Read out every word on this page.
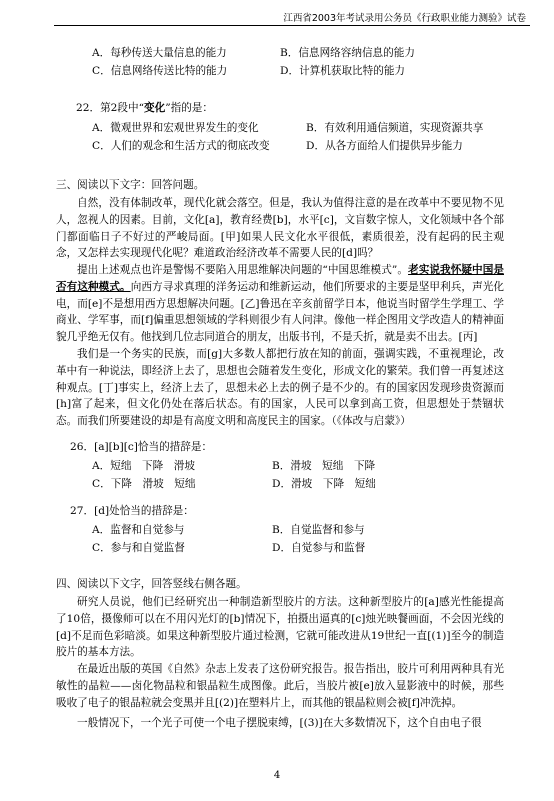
江西省2003年考试录用公务员《行政职业能力测验》试卷
A．每秒传送大量信息的能力	B．信息网络容纳信息的能力
C．信息网络传送比特的能力	D．计算机获取比特的能力
22．第2段中“变化”指的是：
A．微观世界和宏观世界发生的变化	B．有效利用通信频道，实现资源共享
C．人们的观念和生活方式的彻底改变	D．从各方面给人们提供异步能力
三、阅读以下文字：回答问题。
自然，没有体制改革，现代化就会落空。但是，我认为值得注意的是在改革中不要见物不见人，忽视人的因素。目前，文化[a]，教育经费[b]，水平[c]，文盲数字惊人，文化领域中各个部门都面临日子不好过的严峻局面。[甲]如果人民文化水平很低，素质很差，没有起码的民主观念，又怎样去实现现代化呢？难道政治经济改革不需要人民的[d]吗？
提出上述观点也许是警惕不要陷入用思维解决问题的“中国思维模式”。老实说我怀疑中国是否有这种模式。向西方寻求真理的洋务运动和维新运动，他们所要求的主要是坚甲利兵，声光化电，而[e]不是想用西方思想解决问题。[乙]鲁迅在辛亥前留学日本，他说当时留学生学理工、学商业、学军事，而[f]偏重思想领域的学科则很少有人问津。像他一样企图用文学改造人的精神面貌几乎绝无仅有。他找到几位志同道合的朋友，出版书刊，不是夭折，就是卖不出去。[丙]
我们是一个务实的民族，而[g]大多数人都把行放在知的前面，强调实践，不重视理论，改革中有一种说法，即经济上去了，思想也会随着发生变化，形成文化的繁荣。我们曾一再复述这种观点。[丁]事实上，经济上去了，思想未必上去的例子是不少的。有的国家因发现珍贵资源而[h]富了起来，但文化仍处在落后状态。有的国家，人民可以拿到高工资，但思想处于禁锢状态。而我们所要建设的却是有高度文明和高度民主的国家。（《体改与启蒙》）
26．[a][b][c]恰当的措辞是：
A．短绌　下降　滑坡	B．滑坡　短绌　下降
C．下降　滑坡　短绌	D．滑坡　下降　短绌
27．[d]处恰当的措辞是：
A．监督和自觉参与	B．自觉监督和参与
C．参与和自觉监督	D．自觉参与和监督
四、阅读以下文字，回答竖线右侧各题。
研究人员说，他们已经研究出一种制造新型胶片的方法。这种新型胶片的[a]感光性能提高了10倍，摄像师可以在不用闪光灯的[b]情况下，拍摄出逼真的[c]烛光映餐画面，不会因光线的[d]不足而色彩暗淡。如果这种新型胶片通过检测，它就可能改进从19世纪一直[(1)]至今的制造胶片的基本方法。
在最近出版的英国《自然》杂志上发表了这份研究报告。报告指出，胶片可利用两种具有光敏性的晶粒——卤化物晶粒和银晶粒生成图像。此后，当胶片被[e]放入显影液中的时候，那些吸收了电子的银晶粒就会变黑并且[(2)]在塑料片上，而其他的银晶粒则会被[f]冲洗掉。
一般情况下，一个光子可使一个电子摆脱束缚，[(3)]在大多数情况下，这个自由电子很
4
